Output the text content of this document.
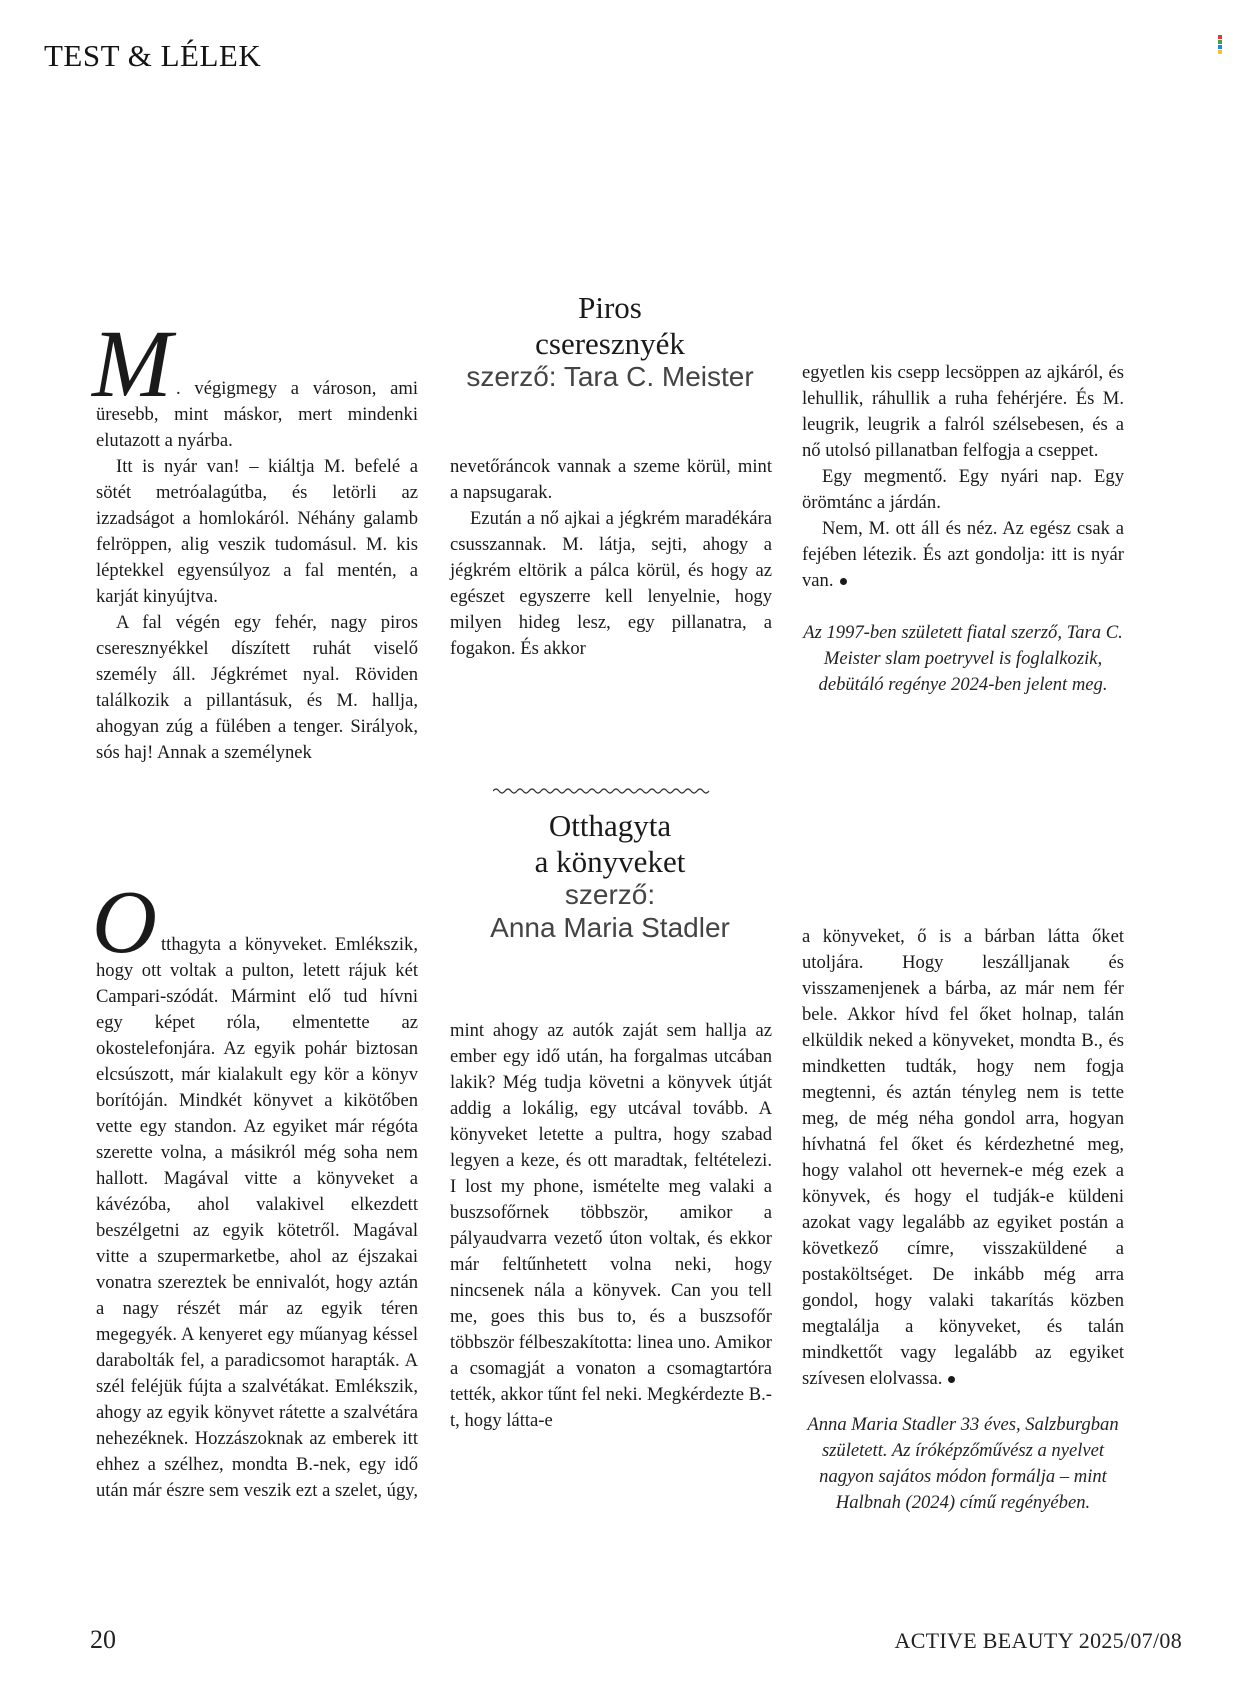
TEST & LÉLEK
Piros
cseresznyék
szerző: Tara C. Meister

M . végigmegy a városon, ami üresebb, mint máskor, mert mindenki elutazott a nyárba.

Itt is nyár van! – kiáltja M. befelé a sötét metróalagútba, és letörli az izzadságot a homlokáról. Néhány galamb felröppen, alig veszik tudomásul. M. kis léptekkel egyensúlyoz a fal mentén, a karját kinyújtva.

A fal végén egy fehér, nagy piros cseresznyékkel díszített ruhát viselő személy áll. Jégkrémet nyal. Röviden találkozik a pillantásuk, és M. hallja, ahogyan zúg a fülében a tenger. Sirályok, sós haj! Annak a személynek

nevetőráncok vannak a szeme körül, mint a napsugarak.

Ezután a nő ajkai a jégkrém maradékára csusszannak. M. látja, sejti, ahogy a jégkrém eltörik a pálca körül, és hogy az egészet egyszerre kell lenyelnie, hogy milyen hideg lesz, egy pillanatra, a fogakon. És akkor

egyetlen kis csepp lecsöppen az ajkáról, és lehullik, ráhullik a ruha fehérjére. És M. leugrik, leugrik a falról szélsebesen, és a nő utolsó pillanatban felfogja a cseppet.

Egy megmentő. Egy nyári nap. Egy örömtánc a járdán.

Nem, M. ott áll és néz. Az egész csak a fejében létezik. És azt gondolja: itt is nyár van.

Az 1997-ben született fiatal szerző, Tara C. Meister slam poetryvel is foglalkozik, debütáló regénye 2024-ben jelent meg.
Otthagyta
a könyveket
szerző:
Anna Maria Stadler

O tthagyta a könyveket. Emlékszik, hogy ott voltak a pulton, letett rájuk két Campari-szódát. Mármint elő tud hívni egy képet róla, elmentette az okostelefonjára. Az egyik pohár biztosan elcsúszott, már kialakult egy kör a könyv borítóján. Mindkét könyvet a kikötőben vette egy standon. Az egyiket már régóta szerette volna, a másikról még soha nem hallott. Magával vitte a könyveket a kávézóba, ahol valakivel elkezdett beszélgetni az egyik kötetről. Magával vitte a szupermarketbe, ahol az éjszakai vonatra szereztek be ennivalót, hogy aztán a nagy részét már az egyik téren megegyék. A kenyeret egy műanyag késsel darabolták fel, a paradicsomot harapták. A szél feléjük fújta a szalvétákat. Emlékszik, ahogy az egyik könyvet rátette a szalvétára nehezéknek. Hozzászoknak az emberek itt ehhez a szélhez, mondta B.-nek, egy idő után már észre sem veszik ezt a szelet, úgy,

mint ahogy az autók zaját sem hallja az ember egy idő után, ha forgalmas utcában lakik? Még tudja követni a könyvek útját addig a lokálig, egy utcával tovább. A könyveket letette a pultra, hogy szabad legyen a keze, és ott maradtak, feltételezi. I lost my phone, ismételte meg valaki a buszsofőrnek többször, amikor a pályaudvarra vezető úton voltak, és ekkor már feltűnhetett volna neki, hogy nincsenek nála a könyvek. Can you tell me, goes this bus to, és a buszsofőr többször félbeszakította: linea uno. Amikor a csomagját a vonaton a csomagtartóra tették, akkor tűnt fel neki. Megkérdezte B.-t, hogy látta-e

a könyveket, ő is a bárban látta őket utoljára. Hogy leszálljanak és visszamenjenek a bárba, az már nem fér bele. Akkor hívd fel őket holnap, talán elküldik neked a könyveket, mondta B., és mindketten tudták, hogy nem fogja megtenni, és aztán tényleg nem is tette meg, de még néha gondol arra, hogyan hívhatná fel őket és kérdezhetné meg, hogy valahol ott hevernek-e még ezek a könyvek, és hogy el tudják-e küldeni azokat vagy legalább az egyiket postán a következő címre, visszaküldené a postaköltséget. De inkább még arra gondol, hogy valaki takarítás közben megtalálja a könyveket, és talán mindkettőt vagy legalább az egyiket szívesen elolvassa.

Anna Maria Stadler 33 éves, Salzburgban született. Az íróképzőművész a nyelvet nagyon sajátos módon formálja – mint Halbnah (2024) című regényében.
20	ACTIVE BEAUTY 2025/07/08
